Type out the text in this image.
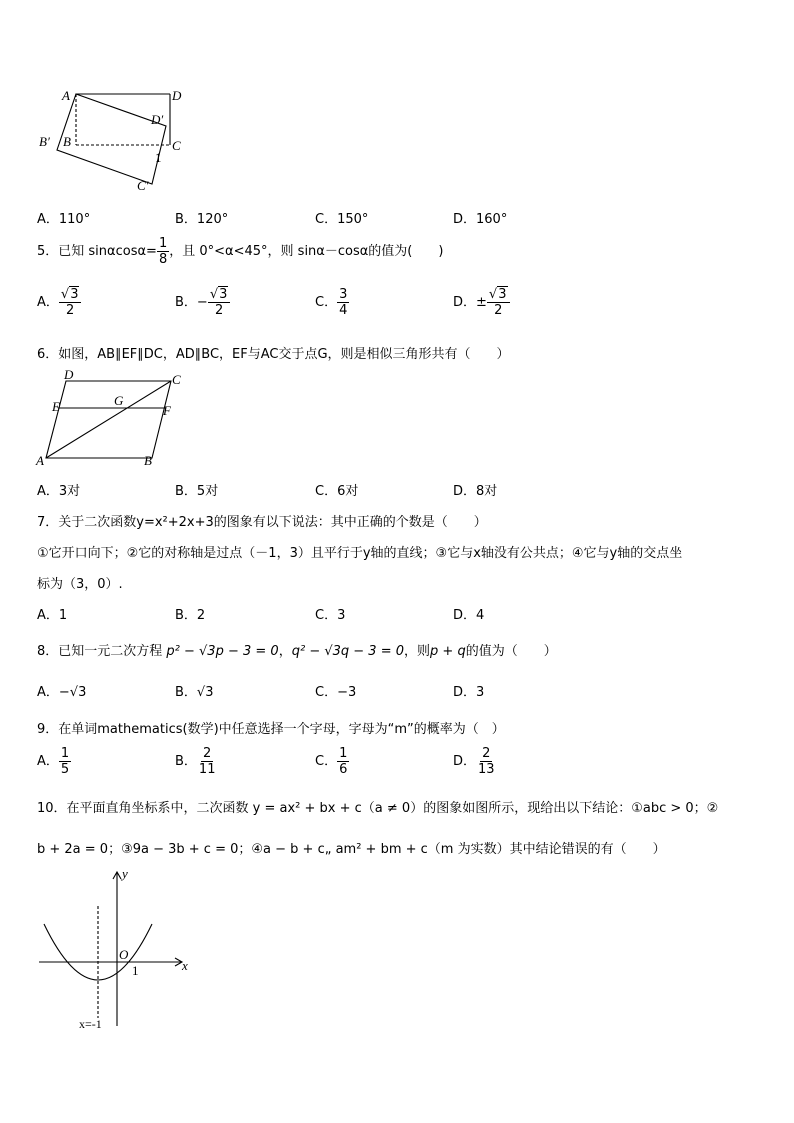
A	D
D′
B′ B	C
1
C′
A．110°	B．120°	C．150°	D．160°
5．已知 $\sin\alpha\cos\alpha= \frac{1}{8}$ ，且 0°<α<45°，则 sinα－cosα的值为(　　)
A． $\frac{√3}{2}$	B．− $\frac{√3}{2}$	C． $\frac{3}{4}$	D．± $\frac{√3}{2}$
6．如图，AB∥EF∥DC，AD∥BC，EF与AC交于点G，则是相似三角形共有（　　）
D	C
E	G
F
A	B
A．3对	B．5对	C．6对	D．8对
7．关于二次函数y=x²+2x+3的图象有以下说法：其中正确的个数是（　　）
①它开口向下；②它的对称轴是过点（－1，3）且平行于y轴的直线；③它与x轴没有公共点；④它与y轴的交点坐
标为（3，0）.
A．1	B．2	C．3	D．4
8．已知一元二次方程 p² − √3p − 3 = 0，q² − √3q − 3 = 0，则p + q的值为（　　）
A．−√3	B．√3	C．−3	D．3
9．在单词mathematics(数学)中任意选择一个字母，字母为“m”的概率为（　）
A． $\frac{1}{5}$	B． $\frac{2}{11}$	C． $\frac{1}{6}$	D． $\frac{2}{13}$
10．在平面直角坐标系中，二次函数 y = ax² + bx + c（a ≠ 0）的图象如图所示，现给出以下结论：①abc > 0；②
b + 2a = 0；③9a − 3b + c = 0；④a − b + c„ am² + bm + c（m 为实数）其中结论错误的有（　　）
y
x
O
1
x=-1
